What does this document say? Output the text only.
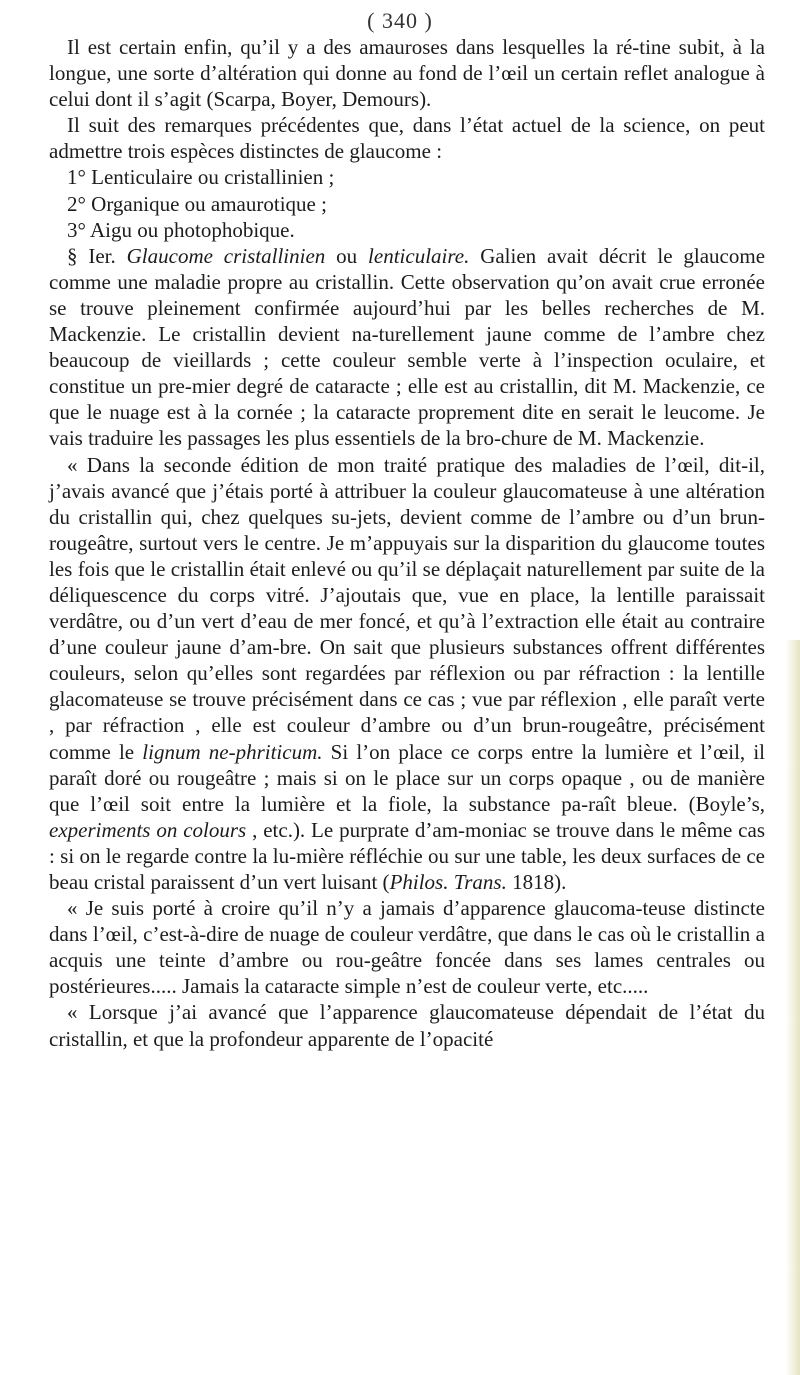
( 340 )

Il est certain enfin, qu’il y a des amauroses dans lesquelles la ré-tine subit, à la longue, une sorte d’altération qui donne au fond de l’œil un certain reflet analogue à celui dont il s’agit (Scarpa, Boyer, Demours).

Il suit des remarques précédentes que, dans l’état actuel de la science, on peut admettre trois espèces distinctes de glaucome :

1° Lenticulaire ou cristallinien ;

2° Organique ou amaurotique ;

3° Aigu ou photophobique.

§ Ier. Glaucome cristallinien ou lenticulaire. Galien avait décrit le glaucome comme une maladie propre au cristallin. Cette observation qu’on avait crue erronée se trouve pleinement confirmée aujourd’hui par les belles recherches de M. Mackenzie. Le cristallin devient na-turellement jaune comme de l’ambre chez beaucoup de vieillards ; cette couleur semble verte à l’inspection oculaire, et constitue un pre-mier degré de cataracte ; elle est au cristallin, dit M. Mackenzie, ce que le nuage est à la cornée ; la cataracte proprement dite en serait le leucome. Je vais traduire les passages les plus essentiels de la bro-chure de M. Mackenzie.

« Dans la seconde édition de mon traité pratique des maladies de l’œil, dit-il, j’avais avancé que j’étais porté à attribuer la couleur glaucomateuse à une altération du cristallin qui, chez quelques su-jets, devient comme de l’ambre ou d’un brun-rougeâtre, surtout vers le centre. Je m’appuyais sur la disparition du glaucome toutes les fois que le cristallin était enlevé ou qu’il se déplaçait naturellement par suite de la déliquescence du corps vitré. J’ajoutais que, vue en place, la lentille paraissait verdâtre, ou d’un vert d’eau de mer foncé, et qu’à l’extraction elle était au contraire d’une couleur jaune d’am-bre. On sait que plusieurs substances offrent différentes couleurs, selon qu’elles sont regardées par réflexion ou par réfraction : la lentille glacomateuse se trouve précisément dans ce cas ; vue par réflexion , elle paraît verte , par réfraction , elle est couleur d’ambre ou d’un brun-rougeâtre, précisément comme le lignum ne-phriticum. Si l’on place ce corps entre la lumière et l’œil, il paraît doré ou rougeâtre ; mais si on le place sur un corps opaque , ou de manière que l’œil soit entre la lumière et la fiole, la substance pa-raît bleue. (Boyle’s, experiments on colours , etc.). Le purprate d’am-moniac se trouve dans le même cas : si on le regarde contre la lu-mière réfléchie ou sur une table, les deux surfaces de ce beau cristal paraissent d’un vert luisant (Philos. Trans. 1818).

« Je suis porté à croire qu’il n’y a jamais d’apparence glaucoma-teuse distincte dans l’œil, c’est-à-dire de nuage de couleur verdâtre, que dans le cas où le cristallin a acquis une teinte d’ambre ou rou-geâtre foncée dans ses lames centrales ou postérieures..... Jamais la cataracte simple n’est de couleur verte, etc.....

« Lorsque j’ai avancé que l’apparence glaucomateuse dépendait de l’état du cristallin, et que la profondeur apparente de l’opacité
